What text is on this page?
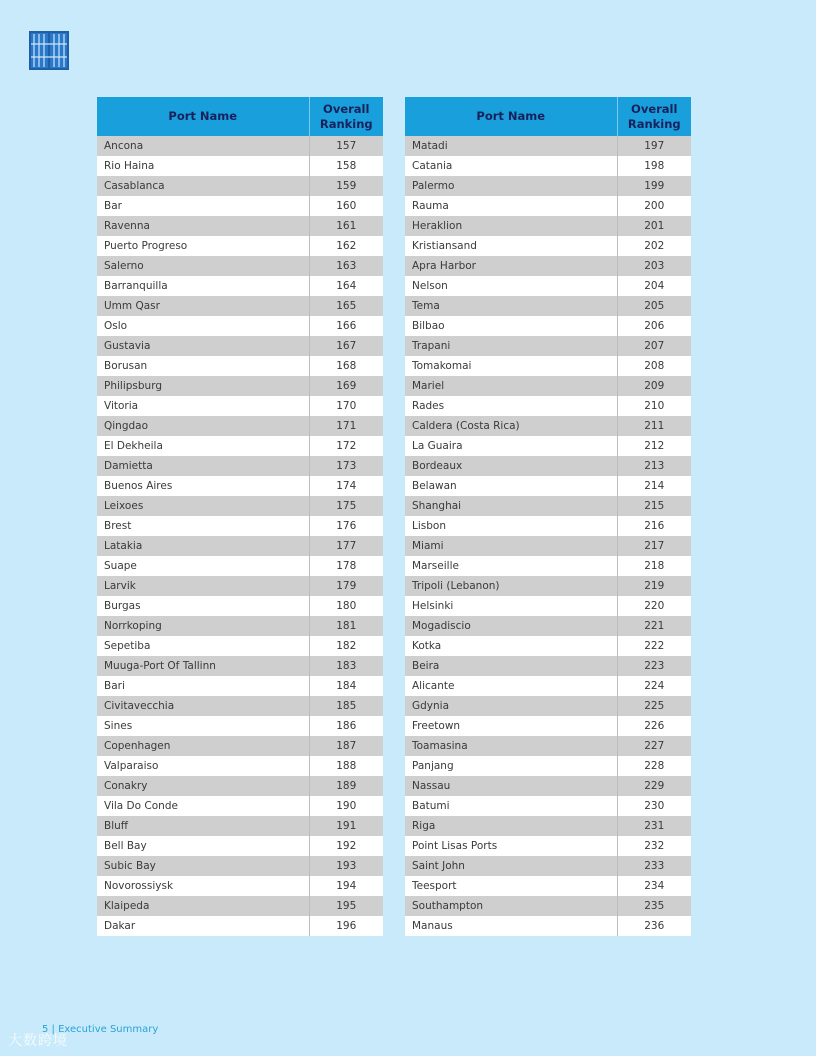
Port Name	Overall Ranking
Ancona	157
Rio Haina	158
Casablanca	159
Bar	160
Ravenna	161
Puerto Progreso	162
Salerno	163
Barranquilla	164
Umm Qasr	165
Oslo	166
Gustavia	167
Borusan	168
Philipsburg	169
Vitoria	170
Qingdao	171
El Dekheila	172
Damietta	173
Buenos Aires	174
Leixoes	175
Brest	176
Latakia	177
Suape	178
Larvik	179
Burgas	180
Norrkoping	181
Sepetiba	182
Muuga-Port Of Tallinn	183
Bari	184
Civitavecchia	185
Sines	186
Copenhagen	187
Valparaiso	188
Conakry	189
Vila Do Conde	190
Bluff	191
Bell Bay	192
Subic Bay	193
Novorossiysk	194
Klaipeda	195
Dakar	196
Port Name	Overall Ranking
Matadi	197
Catania	198
Palermo	199
Rauma	200
Heraklion	201
Kristiansand	202
Apra Harbor	203
Nelson	204
Tema	205
Bilbao	206
Trapani	207
Tomakomai	208
Mariel	209
Rades	210
Caldera (Costa Rica)	211
La Guaira	212
Bordeaux	213
Belawan	214
Shanghai	215
Lisbon	216
Miami	217
Marseille	218
Tripoli (Lebanon)	219
Helsinki	220
Mogadiscio	221
Kotka	222
Beira	223
Alicante	224
Gdynia	225
Freetown	226
Toamasina	227
Panjang	228
Nassau	229
Batumi	230
Riga	231
Point Lisas Ports	232
Saint John	233
Teesport	234
Southampton	235
Manaus	236
5 | Executive Summary
大数跨境
